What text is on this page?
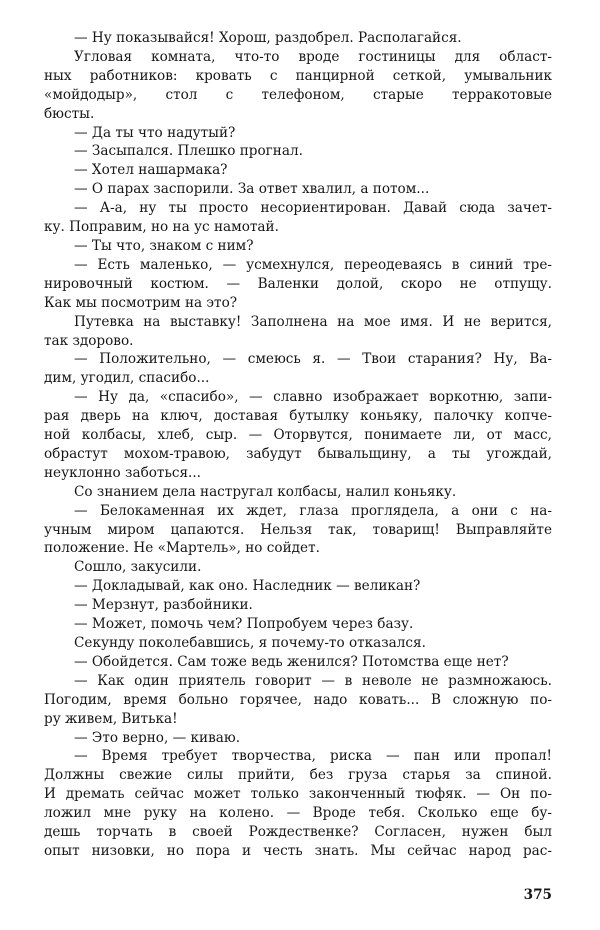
— Ну показывайся! Хорош, раздобрел. Располагайся.
Угловая комната, что-то вроде гостиницы для област-
ных работников: кровать с панцирной сеткой, умывальник
«мойдодыр», стол с телефоном, старые терракотовые
бюсты.
— Да ты что надутый?
— Засыпался. Плешко прогнал.
— Хотел нашармака?
— О парах заспорили. За ответ хвалил, а потом...
— А-а, ну ты просто несориентирован. Давай сюда зачет-
ку. Поправим, но на ус намотай.
— Ты что, знаком с ним?
— Есть маленько, — усмехнулся, переодеваясь в синий тре-
нировочный костюм. — Валенки долой, скоро не отпущу.
Как мы посмотрим на это?
Путевка на выставку! Заполнена на мое имя. И не верится,
так здорово.
— Положительно, — смеюсь я. — Твои старания? Ну, Ва-
дим, угодил, спасибо...
— Ну да, «спасибо», — славно изображает воркотню, запи-
рая дверь на ключ, доставая бутылку коньяку, палочку копче-
ной колбасы, хлеб, сыр. — Оторвутся, понимаете ли, от масс,
обрастут мохом-травою, забудут бывальщину, а ты угождай,
неуклонно заботься...
Со знанием дела настругал колбасы, налил коньяку.
— Белокаменная их ждет, глаза проглядела, а они с на-
учным миром цапаются. Нельзя так, товарищ! Выправляйте
положение. Не «Мартель», но сойдет.
Сошло, закусили.
— Докладывай, как оно. Наследник — великан?
— Мерзнут, разбойники.
— Может, помочь чем? Попробуем через базу.
Секунду поколебавшись, я почему-то отказался.
— Обойдется. Сам тоже ведь женился? Потомства еще нет?
— Как один приятель говорит — в неволе не размножаюсь.
Погодим, время больно горячее, надо ковать... В сложную по-
ру живем, Витька!
— Это верно, — киваю.
— Время требует творчества, риска — пан или пропал!
Должны свежие силы прийти, без груза старья за спиной.
И дремать сейчас может только законченный тюфяк. — Он по-
ложил мне руку на колено. — Вроде тебя. Сколько еще бу-
дешь торчать в своей Рождественке? Согласен, нужен был
опыт низовки, но пора и честь знать. Мы сейчас народ рас-
375
